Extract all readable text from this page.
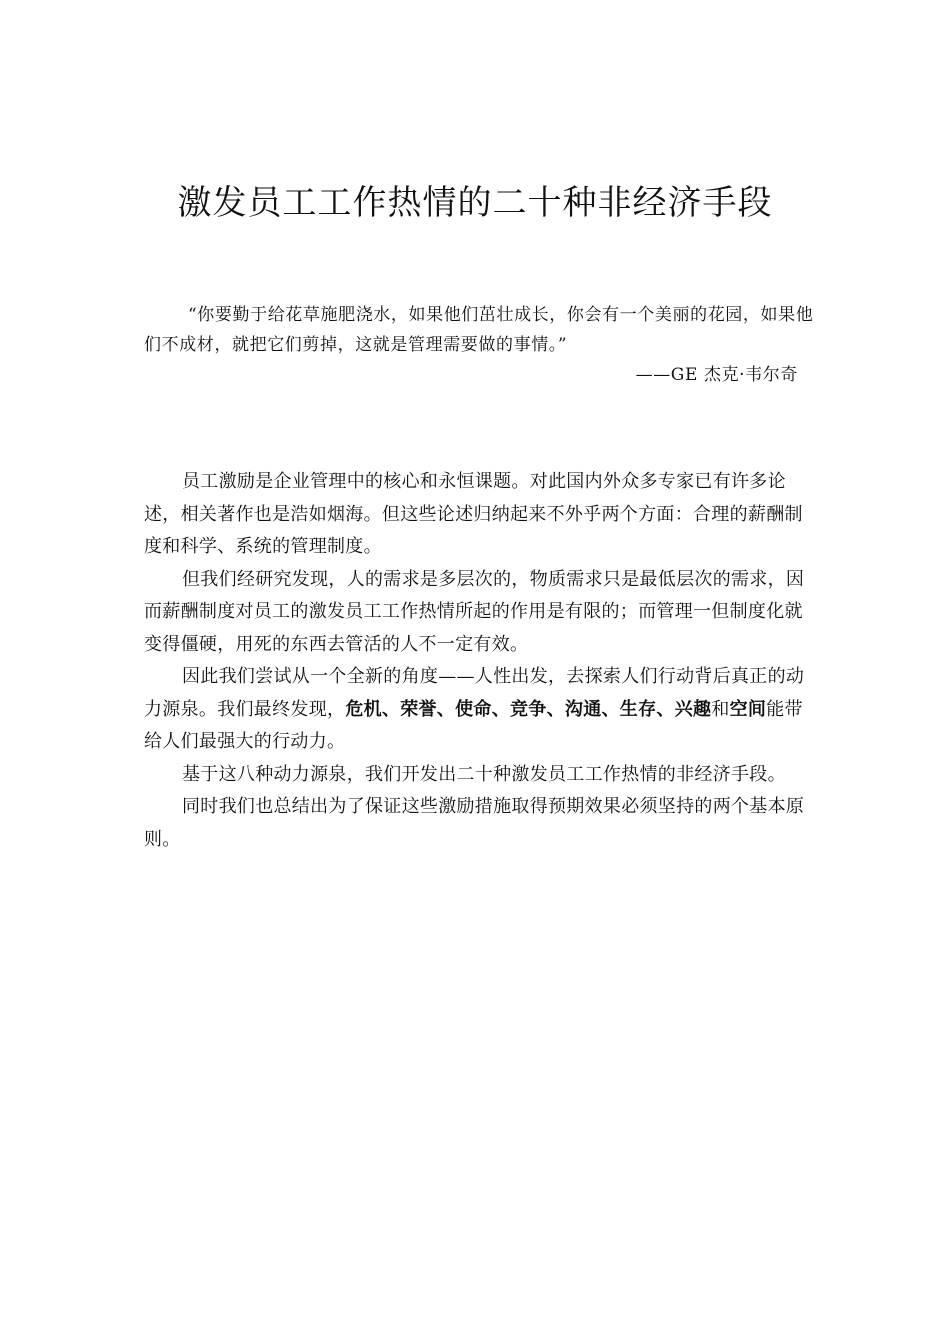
激发员工工作热情的二十种非经济手段

“你要勤于给花草施肥浇水，如果他们茁壮成长，你会有一个美丽的花园，如果他们不成材，就把它们剪掉，这就是管理需要做的事情。”

——GE 杰克·韦尔奇

员工激励是企业管理中的核心和永恒课题。对此国内外众多专家已有许多论述，相关著作也是浩如烟海。但这些论述归纳起来不外乎两个方面：合理的薪酬制度和科学、系统的管理制度。

但我们经研究发现，人的需求是多层次的，物质需求只是最低层次的需求，因而薪酬制度对员工的激发员工工作热情所起的作用是有限的；而管理一但制度化就变得僵硬，用死的东西去管活的人不一定有效。

因此我们尝试从一个全新的角度——人性出发，去探索人们行动背后真正的动力源泉。我们最终发现，危机、荣誉、使命、竞争、沟通、生存、兴趣和空间能带给人们最强大的行动力。

基于这八种动力源泉，我们开发出二十种激发员工工作热情的非经济手段。

同时我们也总结出为了保证这些激励措施取得预期效果必须坚持的两个基本原则。
